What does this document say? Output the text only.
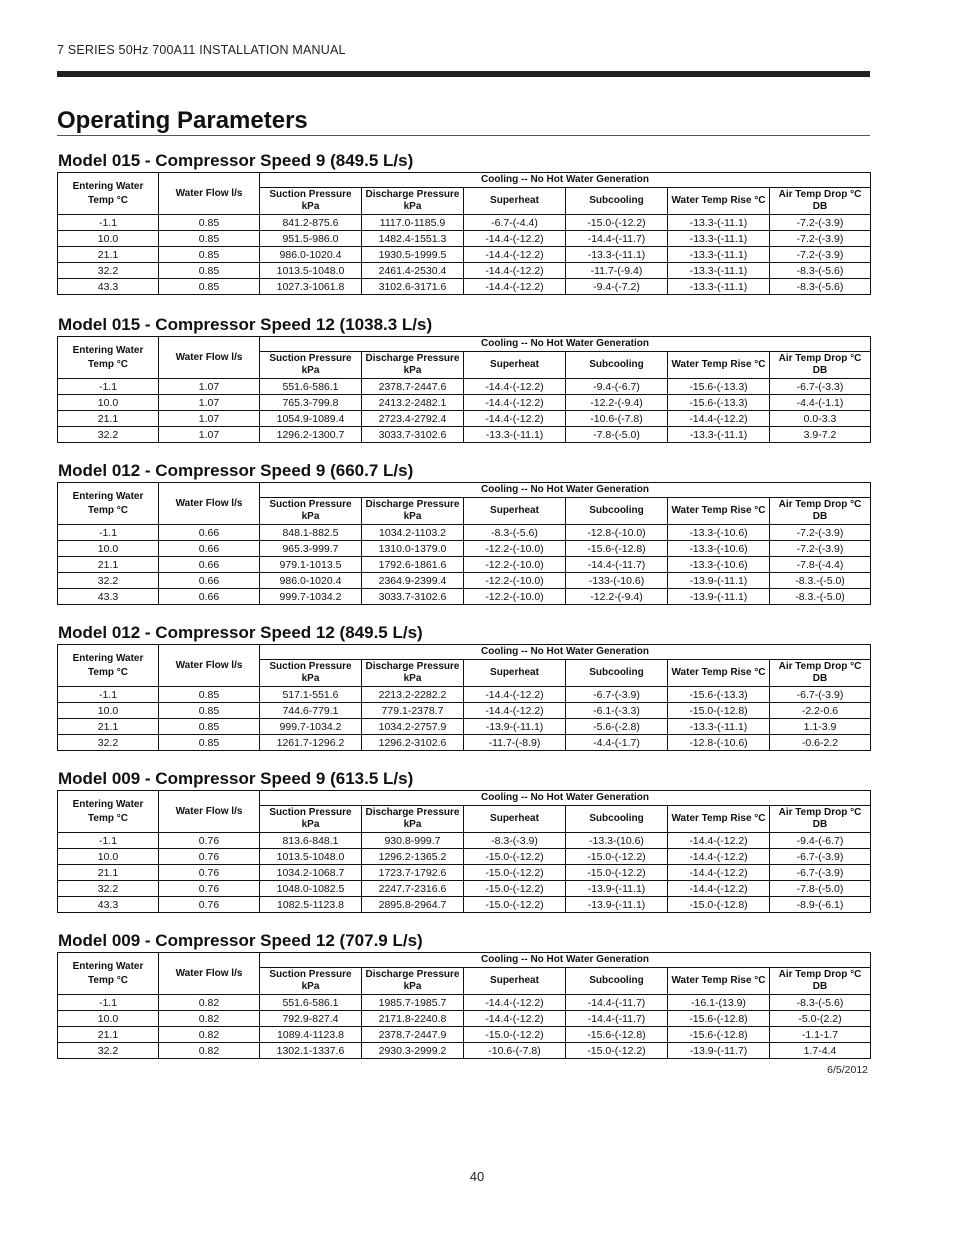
7 SERIES 50Hz 700A11 INSTALLATION MANUAL
Operating Parameters
Model 015 - Compressor Speed 9 (849.5 L/s)
Entering Water Temp °C	Water Flow l/s	Cooling -- No Hot Water Generation					
		Suction Pressure kPa	Discharge Pressure kPa	Superheat	Subcooling	Water Temp Rise °C	Air Temp Drop °C DB
-1.1	0.85	841.2-875.6	1117.0-1185.9	-6.7-(-4.4)	-15.0-(-12.2)	-13.3-(-11.1)	-7.2-(-3.9)
10.0	0.85	951.5-986.0	1482.4-1551.3	-14.4-(-12.2)	-14.4-(-11.7)	-13.3-(-11.1)	-7.2-(-3.9)
21.1	0.85	986.0-1020.4	1930.5-1999.5	-14.4-(-12.2)	-13.3-(-11.1)	-13.3-(-11.1)	-7.2-(-3.9)
32.2	0.85	1013.5-1048.0	2461.4-2530.4	-14.4-(-12.2)	-11.7-(-9.4)	-13.3-(-11.1)	-8.3-(-5.6)
43.3	0.85	1027.3-1061.8	3102.6-3171.6	-14.4-(-12.2)	-9.4-(-7.2)	-13.3-(-11.1)	-8.3-(-5.6)
Model 015 - Compressor Speed 12 (1038.3 L/s)
Entering Water Temp °C	Water Flow l/s	Cooling -- No Hot Water Generation					
		Suction Pressure kPa	Discharge Pressure kPa	Superheat	Subcooling	Water Temp Rise °C	Air Temp Drop °C DB
-1.1	1.07	551.6-586.1	2378.7-2447.6	-14.4-(-12.2)	-9.4-(-6.7)	-15.6-(-13.3)	-6.7-(-3.3)
10.0	1.07	765.3-799.8	2413.2-2482.1	-14.4-(-12.2)	-12.2-(-9.4)	-15.6-(-13.3)	-4.4-(-1.1)
21.1	1.07	1054.9-1089.4	2723.4-2792.4	-14.4-(-12.2)	-10.6-(-7.8)	-14.4-(-12.2)	0.0-3.3
32.2	1.07	1296.2-1300.7	3033.7-3102.6	-13.3-(-11.1)	-7.8-(-5.0)	-13.3-(-11.1)	3.9-7.2
Model 012 - Compressor Speed 9 (660.7 L/s)
Entering Water Temp °C	Water Flow l/s	Cooling -- No Hot Water Generation					
		Suction Pressure kPa	Discharge Pressure kPa	Superheat	Subcooling	Water Temp Rise °C	Air Temp Drop °C DB
-1.1	0.66	848.1-882.5	1034.2-1103.2	-8.3-(-5.6)	-12.8-(-10.0)	-13.3-(-10.6)	-7.2-(-3.9)
10.0	0.66	965.3-999.7	1310.0-1379.0	-12.2-(-10.0)	-15.6-(-12.8)	-13.3-(-10.6)	-7.2-(-3.9)
21.1	0.66	979.1-1013.5	1792.6-1861.6	-12.2-(-10.0)	-14.4-(-11.7)	-13.3-(-10.6)	-7.8-(-4.4)
32.2	0.66	986.0-1020.4	2364.9-2399.4	-12.2-(-10.0)	-133-(-10.6)	-13.9-(-11.1)	-8.3.-(-5.0)
43.3	0.66	999.7-1034.2	3033.7-3102.6	-12.2-(-10.0)	-12.2-(-9.4)	-13.9-(-11.1)	-8.3.-(-5.0)
Model 012 - Compressor Speed 12 (849.5 L/s)
Entering Water Temp °C	Water Flow l/s	Cooling -- No Hot Water Generation					
		Suction Pressure kPa	Discharge Pressure kPa	Superheat	Subcooling	Water Temp Rise °C	Air Temp Drop °C DB
-1.1	0.85	517.1-551.6	2213.2-2282.2	-14.4-(-12.2)	-6.7-(-3.9)	-15.6-(-13.3)	-6.7-(-3.9)
10.0	0.85	744.6-779.1	779.1-2378.7	-14.4-(-12.2)	-6.1-(-3.3)	-15.0-(-12.8)	-2.2-0.6
21.1	0.85	999.7-1034.2	1034.2-2757.9	-13.9-(-11.1)	-5.6-(-2.8)	-13.3-(-11.1)	1.1-3.9
32.2	0.85	1261.7-1296.2	1296.2-3102.6	-11.7-(-8.9)	-4.4-(-1.7)	-12.8-(-10.6)	-0.6-2.2
Model 009 - Compressor Speed 9 (613.5 L/s)
Entering Water Temp °C	Water Flow l/s	Cooling -- No Hot Water Generation					
		Suction Pressure kPa	Discharge Pressure kPa	Superheat	Subcooling	Water Temp Rise °C	Air Temp Drop °C DB
-1.1	0.76	813.6-848.1	930.8-999.7	-8.3-(-3.9)	-13.3-(10.6)	-14.4-(-12.2)	-9.4-(-6.7)
10.0	0.76	1013.5-1048.0	1296.2-1365.2	-15.0-(-12.2)	-15.0-(-12.2)	-14.4-(-12.2)	-6.7-(-3.9)
21.1	0.76	1034.2-1068.7	1723.7-1792.6	-15.0-(-12.2)	-15.0-(-12.2)	-14.4-(-12.2)	-6.7-(-3.9)
32.2	0.76	1048.0-1082.5	2247.7-2316.6	-15.0-(-12.2)	-13.9-(-11.1)	-14.4-(-12.2)	-7.8-(-5.0)
43.3	0.76	1082.5-1123.8	2895.8-2964.7	-15.0-(-12.2)	-13.9-(-11.1)	-15.0-(-12.8)	-8.9-(-6.1)
Model 009 - Compressor Speed 12 (707.9 L/s)
Entering Water Temp °C	Water Flow l/s	Cooling -- No Hot Water Generation					
		Suction Pressure kPa	Discharge Pressure kPa	Superheat	Subcooling	Water Temp Rise °C	Air Temp Drop °C DB
-1.1	0.82	551.6-586.1	1985.7-1985.7	-14.4-(-12.2)	-14.4-(-11.7)	-16.1-(13.9)	-8.3-(-5.6)
10.0	0.82	792.9-827.4	2171.8-2240.8	-14.4-(-12.2)	-14.4-(-11.7)	-15.6-(-12.8)	-5.0-(2.2)
21.1	0.82	1089.4-1123.8	2378.7-2447.9	-15.0-(-12.2)	-15.6-(-12.8)	-15.6-(-12.8)	-1.1-1.7
32.2	0.82	1302.1-1337.6	2930.3-2999.2	-10.6-(-7.8)	-15.0-(-12.2)	-13.9-(-11.7)	1.7-4.4
6/5/2012
40
